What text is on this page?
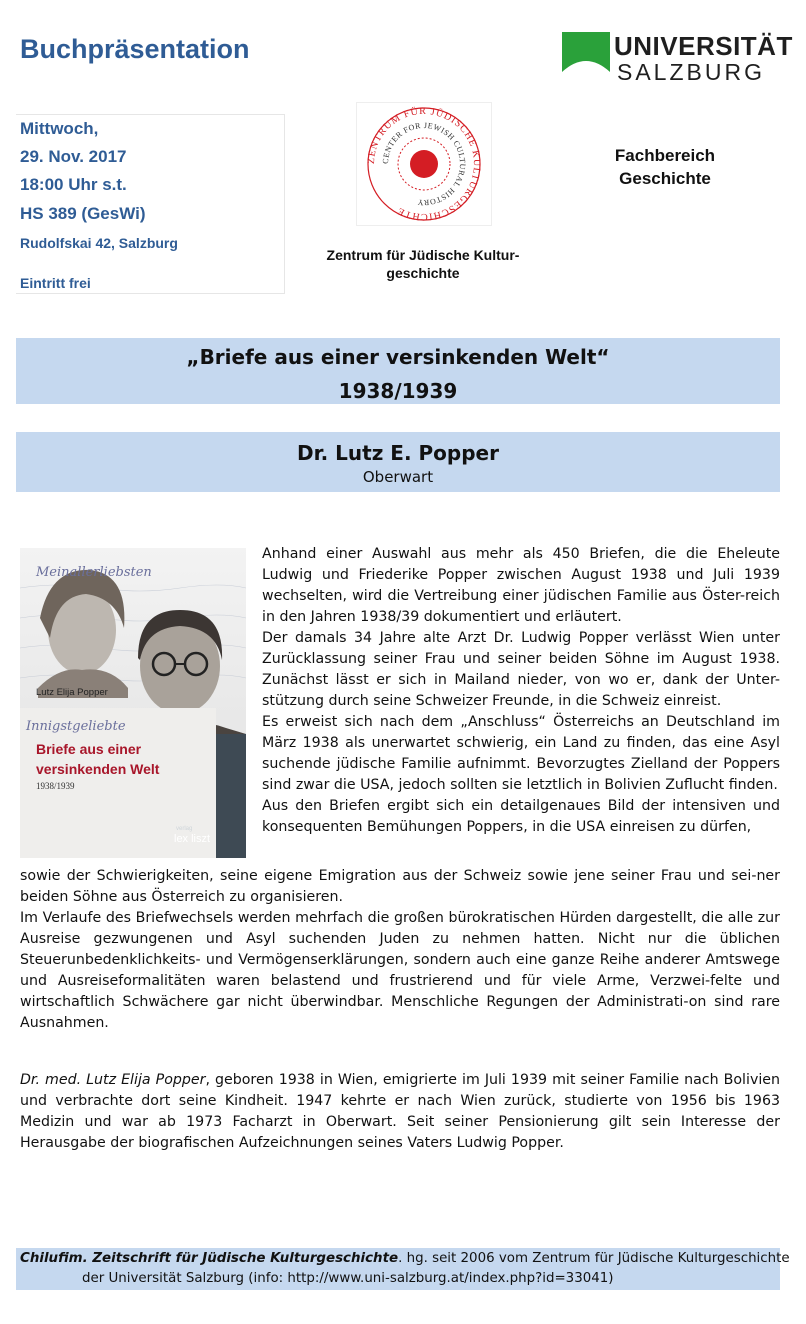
Buchpräsentation	UNIVERSITÄT
SALZBURG
Mittwoch,
29. Nov. 2017
18:00 Uhr s.t.
HS 389 (GesWi)
Rudolfskai 42, Salzburg
Eintritt frei
ZENTRUM FÜR JÜDISCHE KULTURGESCHICHTE
CENTER FOR JEWISH CULTURAL HISTORY
Zentrum für Jüdische Kultur-
geschichte
Fachbereich
Geschichte
„Briefe aus einer versinkenden Welt“
1938/1939
Dr. Lutz E. Popper
Oberwart
Meinallerliebsten
Lutz Elija Popper
Innigstgeliebte
Briefe aus einer
versinkenden Welt
1938/1939
verlag
lex liszt

Anhand einer Auswahl aus mehr als 450 Briefen, die die Eheleute Ludwig und Friederike Popper zwischen August 1938 und Juli 1939 wechselten, wird die Vertreibung einer jüdischen Familie aus Öster-reich in den Jahren 1938/39 dokumentiert und erläutert.

Der damals 34 Jahre alte Arzt Dr. Ludwig Popper verlässt Wien unter Zurücklassung seiner Frau und seiner beiden Söhne im August 1938. Zunächst lässt er sich in Mailand nieder, von wo er, dank der Unter-stützung durch seine Schweizer Freunde, in die Schweiz einreist.

Es erweist sich nach dem „Anschluss“ Österreichs an Deutschland im März 1938 als unerwartet schwierig, ein Land zu finden, das eine Asyl suchende jüdische Familie aufnimmt. Bevorzugtes Zielland der Poppers sind zwar die USA, jedoch sollten sie letztlich in Bolivien Zuflucht finden.

Aus den Briefen ergibt sich ein detailgenaues Bild der intensiven und konsequenten Bemühungen Poppers, in die USA einreisen zu dürfen,

sowie der Schwierigkeiten, seine eigene Emigration aus der Schweiz sowie jene seiner Frau und sei-ner beiden Söhne aus Österreich zu organisieren.

Im Verlaufe des Briefwechsels werden mehrfach die großen bürokratischen Hürden dargestellt, die alle zur Ausreise gezwungenen und Asyl suchenden Juden zu nehmen hatten. Nicht nur die üblichen Steuerunbedenklichkeits- und Vermögenserklärungen, sondern auch eine ganze Reihe anderer Amtswege und Ausreiseformalitäten waren belastend und frustrierend und für viele Arme, Verzwei-felte und wirtschaftlich Schwächere gar nicht überwindbar. Menschliche Regungen der Administrati-on sind rare Ausnahmen.

Dr. med. Lutz Elija Popper, geboren 1938 in Wien, emigrierte im Juli 1939 mit seiner Familie nach Bolivien und verbrachte dort seine Kindheit. 1947 kehrte er nach Wien zurück, studierte von 1956 bis 1963 Medizin und war ab 1973 Facharzt in Oberwart. Seit seiner Pensionierung gilt sein Interesse der Herausgabe der biografischen Aufzeichnungen seines Vaters Ludwig Popper.

Chilufim. Zeitschrift für Jüdische Kulturgeschichte. hg. seit 2006 vom Zentrum für Jüdische Kulturgeschichte
der Universität Salzburg (info: http://www.uni-salzburg.at/index.php?id=33041)
